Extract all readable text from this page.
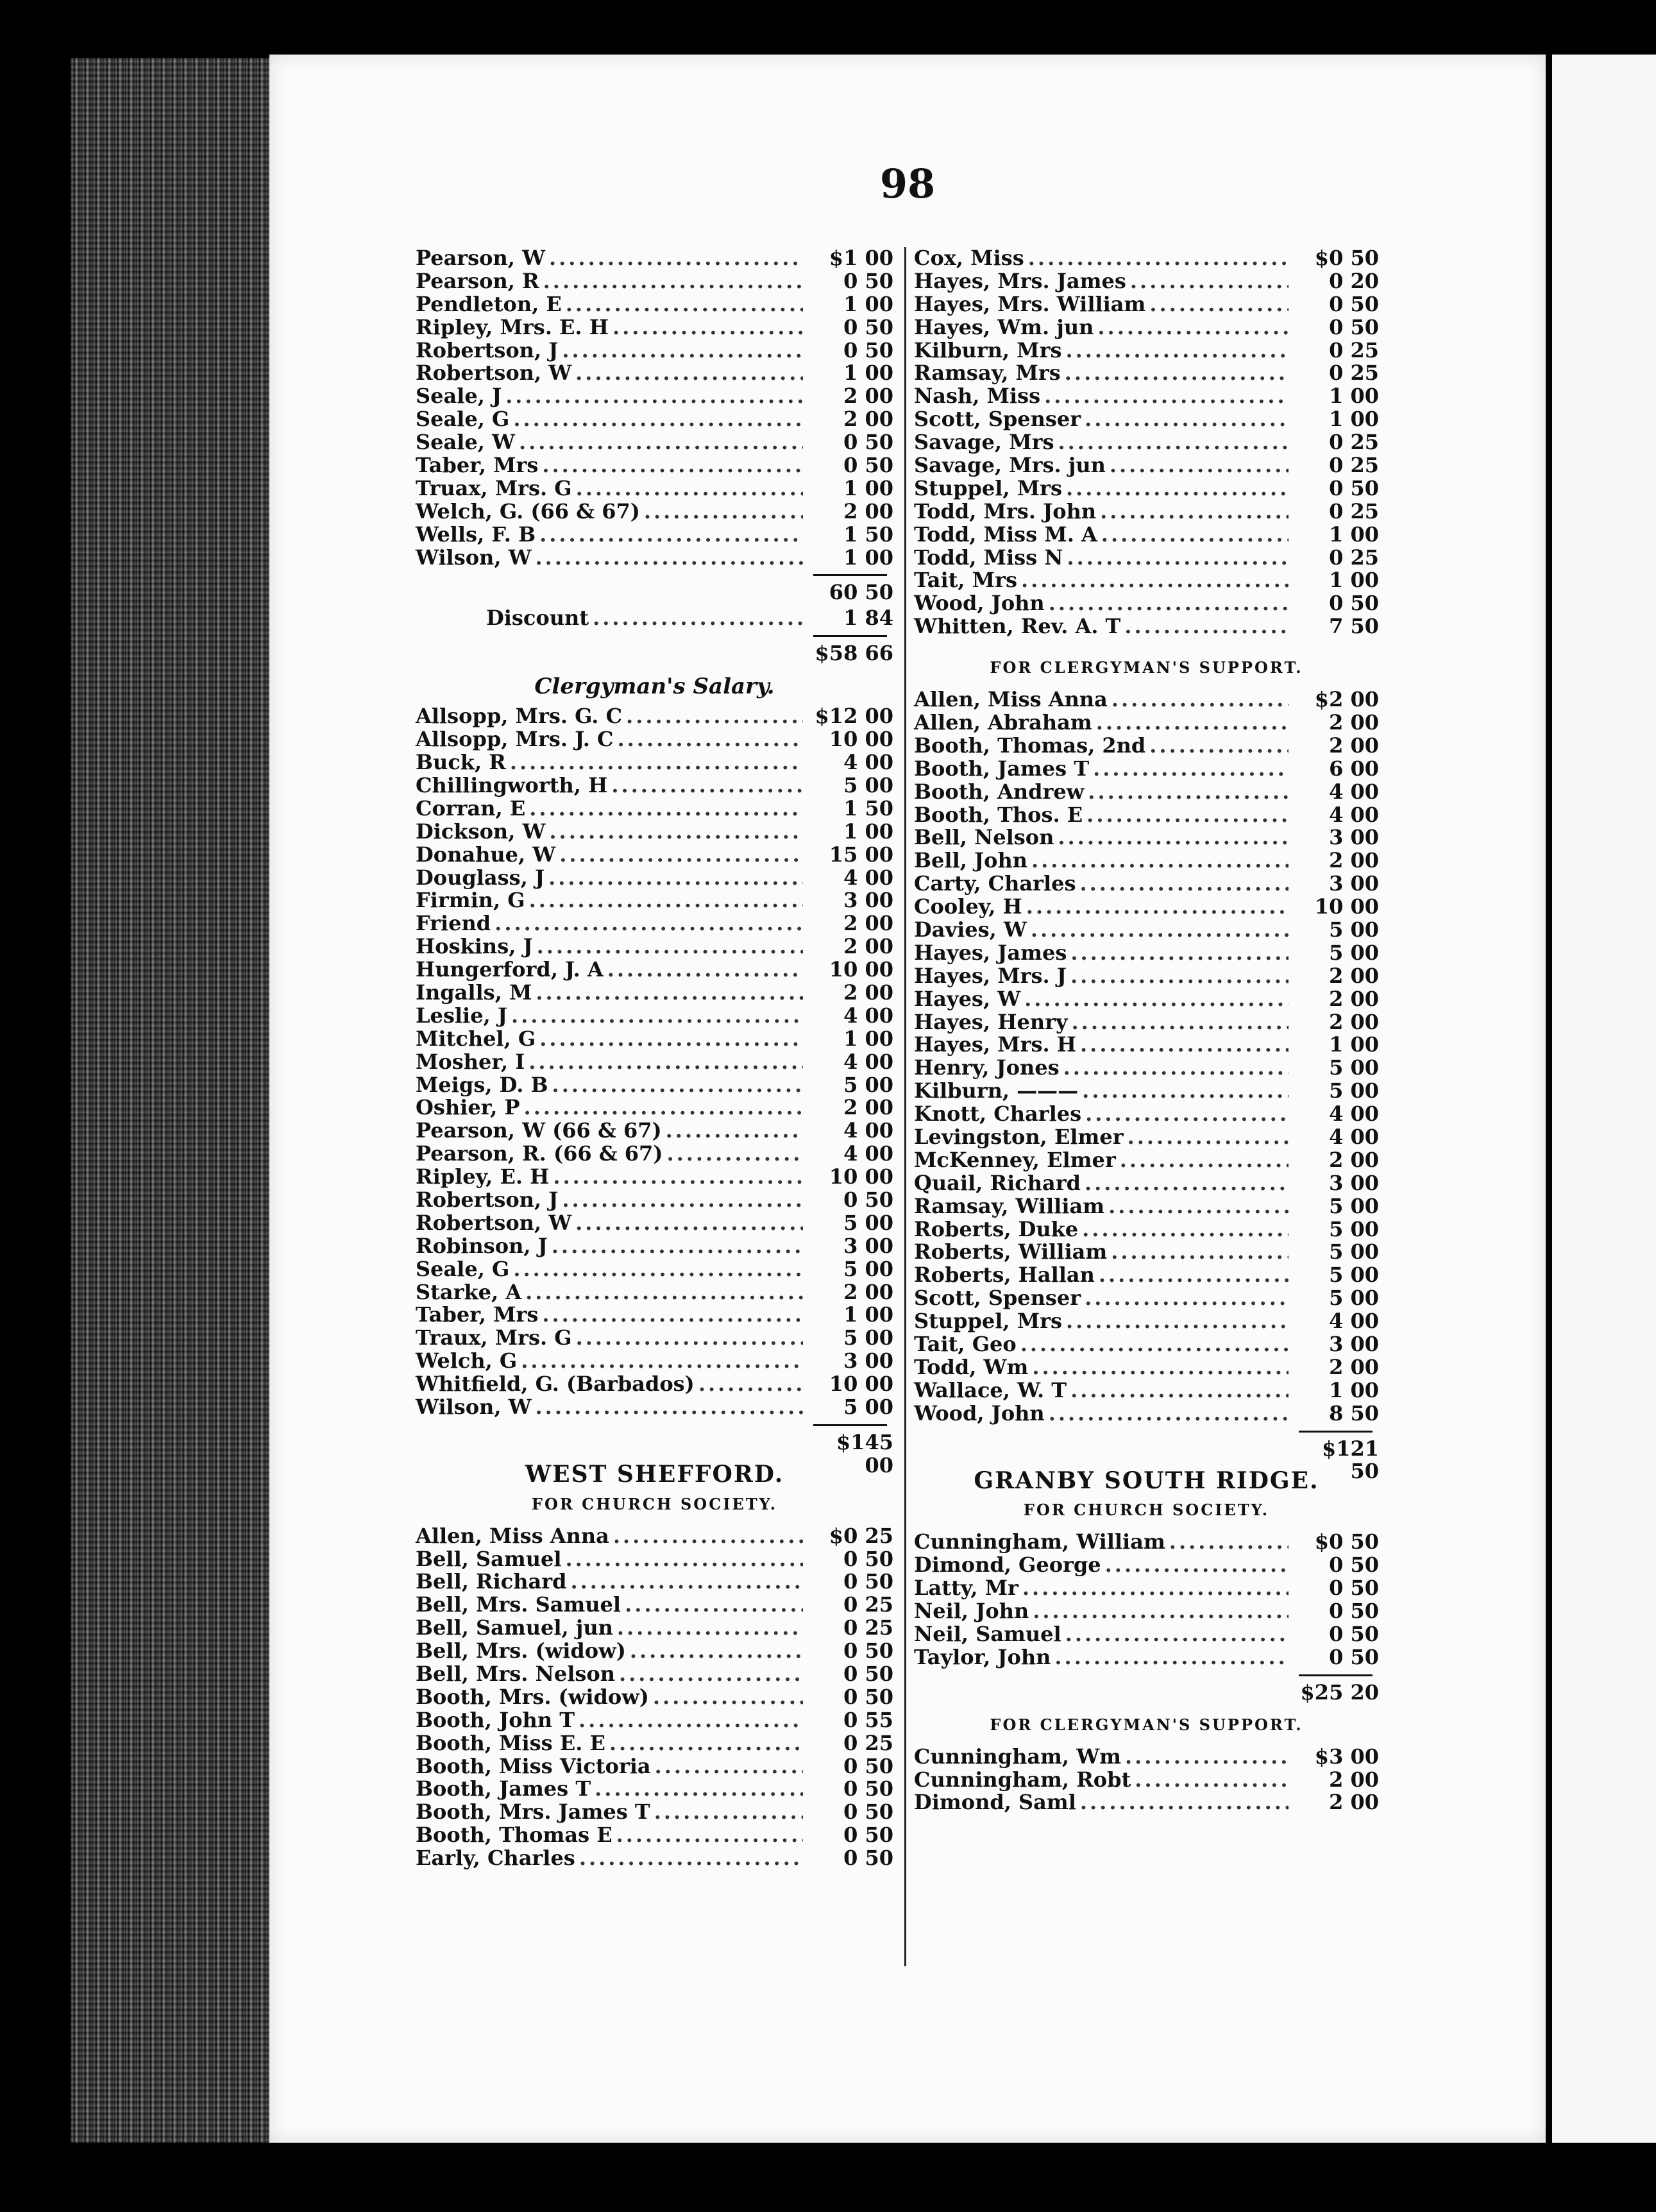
98
Pearson, W .....	$1 00
Pearson, R .....	0 50
Pendleton, E .....	1 00
Ripley, Mrs. E. H .....	0 50
Robertson, J .....	0 50
Robertson, W .....	1 00
Seale, J .....	2 00
Seale, G .....	2 00
Seale, W .....	0 50
Taber, Mrs .....	0 50
Truax, Mrs. G .....	1 00
Welch, G. (66 & 67) .....	2 00
Wells, F. B .....	1 50
Wilson, W .....	1 00
60 50
Discount .....	1 84
$58 66
Clergyman's Salary.
Allsopp, Mrs. G. C .....	$12 00
Allsopp, Mrs. J. C .....	10 00
Buck, R .....	4 00
Chillingworth, H .....	5 00
Corran, E .....	1 50
Dickson, W .....	1 00
Donahue, W .....	15 00
Douglass, J .....	4 00
Firmin, G .....	3 00
Friend .....	2 00
Hoskins, J .....	2 00
Hungerford, J. A .....	10 00
Ingalls, M .....	2 00
Leslie, J .....	4 00
Mitchel, G .....	1 00
Mosher, I .....	4 00
Meigs, D. B .....	5 00
Oshier, P .....	2 00
Pearson, W (66 & 67) .....	4 00
Pearson, R. (66 & 67) .....	4 00
Ripley, E. H .....	10 00
Robertson, J .....	0 50
Robertson, W .....	5 00
Robinson, J .....	3 00
Seale, G .....	5 00
Starke, A .....	2 00
Taber, Mrs .....	1 00
Traux, Mrs. G .....	5 00
Welch, G .....	3 00
Whitfield, G. (Barbados) .....	10 00
Wilson, W .....	5 00
$145 00
WEST SHEFFORD.
FOR CHURCH SOCIETY.
Allen, Miss Anna .....	$0 25
Bell, Samuel .....	0 50
Bell, Richard .....	0 50
Bell, Mrs. Samuel .....	0 25
Bell, Samuel, jun .....	0 25
Bell, Mrs. (widow) .....	0 50
Bell, Mrs. Nelson .....	0 50
Booth, Mrs. (widow) .....	0 50
Booth, John T .....	0 55
Booth, Miss E. E .....	0 25
Booth, Miss Victoria .....	0 50
Booth, James T .....	0 50
Booth, Mrs. James T .....	0 50
Booth, Thomas E .....	0 50
Early, Charles .....	0 50
Cox, Miss .....	$0 50
Hayes, Mrs. James .....	0 20
Hayes, Mrs. William .....	0 50
Hayes, Wm. jun .....	0 50
Kilburn, Mrs .....	0 25
Ramsay, Mrs .....	0 25
Nash, Miss .....	1 00
Scott, Spenser .....	1 00
Savage, Mrs .....	0 25
Savage, Mrs. jun .....	0 25
Stuppel, Mrs .....	0 50
Todd, Mrs. John .....	0 25
Todd, Miss M. A .....	1 00
Todd, Miss N .....	0 25
Tait, Mrs .....	1 00
Wood, John .....	0 50
Whitten, Rev. A. T .....	7 50
FOR CLERGYMAN'S SUPPORT.
Allen, Miss Anna .....	$2 00
Allen, Abraham .....	2 00
Booth, Thomas, 2nd .....	2 00
Booth, James T .....	6 00
Booth, Andrew .....	4 00
Booth, Thos. E .....	4 00
Bell, Nelson .....	3 00
Bell, John .....	2 00
Carty, Charles .....	3 00
Cooley, H .....	10 00
Davies, W .....	5 00
Hayes, James .....	5 00
Hayes, Mrs. J .....	2 00
Hayes, W .....	2 00
Hayes, Henry .....	2 00
Hayes, Mrs. H .....	1 00
Henry, Jones .....	5 00
Kilburn, ——— .....	5 00
Knott, Charles .....	4 00
Levingston, Elmer .....	4 00
McKenney, Elmer .....	2 00
Quail, Richard .....	3 00
Ramsay, William .....	5 00
Roberts, Duke .....	5 00
Roberts, William .....	5 00
Roberts, Hallan .....	5 00
Scott, Spenser .....	5 00
Stuppel, Mrs .....	4 00
Tait, Geo .....	3 00
Todd, Wm .....	2 00
Wallace, W. T .....	1 00
Wood, John .....	8 50
$121 50
GRANBY SOUTH RIDGE.
FOR CHURCH SOCIETY.
Cunningham, William .....	$0 50
Dimond, George .....	0 50
Latty, Mr .....	0 50
Neil, John .....	0 50
Neil, Samuel .....	0 50
Taylor, John .....	0 50
$25 20
FOR CLERGYMAN'S SUPPORT.
Cunningham, Wm .....	$3 00
Cunningham, Robt .....	2 00
Dimond, Saml .....	2 00
